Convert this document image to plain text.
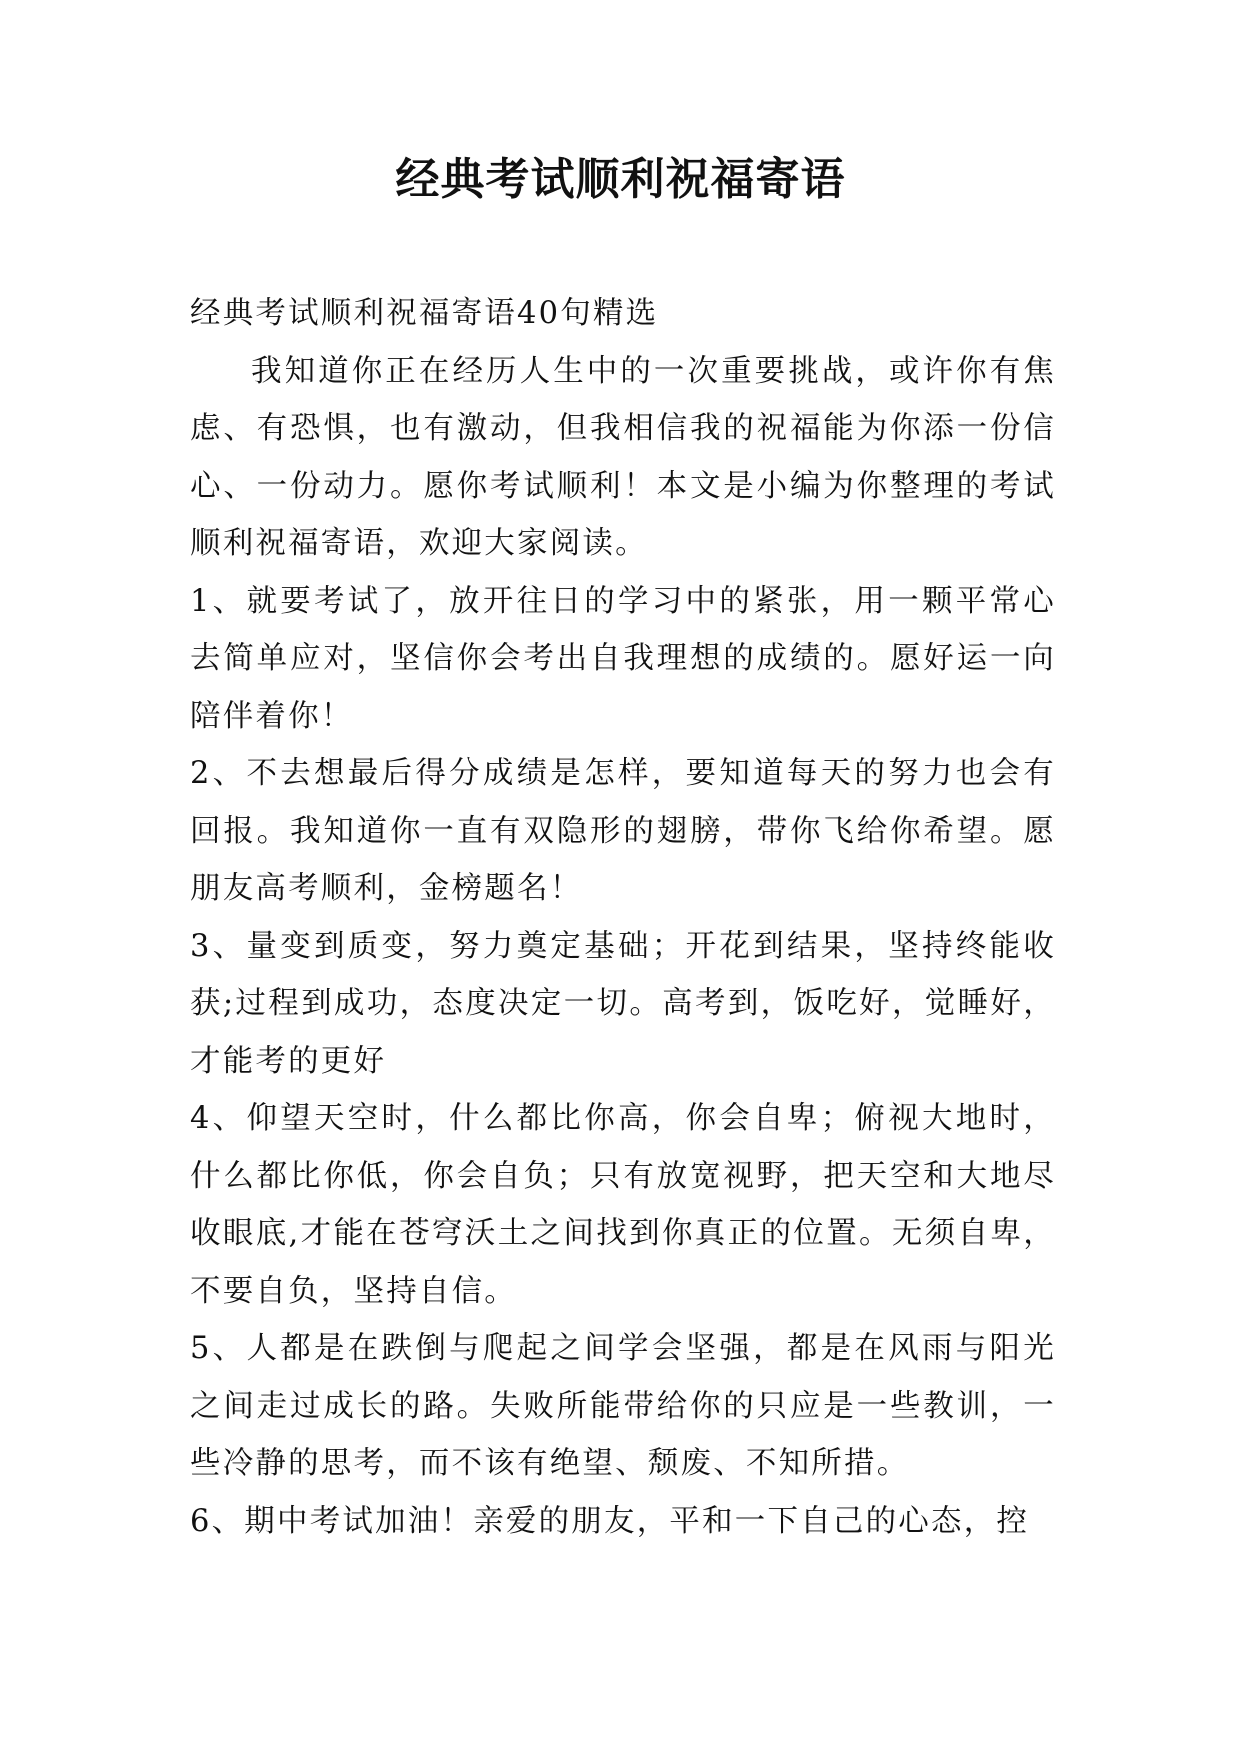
经典考试顺利祝福寄语

经典考试顺利祝福寄语40句精选

我知道你正在经历人生中的一次重要挑战，或许你有焦虑、有恐惧，也有激动，但我相信我的祝福能为你添一份信心、一份动力。愿你考试顺利！本文是小编为你整理的考试顺利祝福寄语，欢迎大家阅读。

1、就要考试了，放开往日的学习中的紧张，用一颗平常心去简单应对，坚信你会考出自我理想的成绩的。愿好运一向陪伴着你！

2、不去想最后得分成绩是怎样，要知道每天的努力也会有回报。我知道你一直有双隐形的翅膀，带你飞给你希望。愿朋友高考顺利，金榜题名！

3、量变到质变，努力奠定基础；开花到结果，坚持终能收获;过程到成功，态度决定一切。高考到，饭吃好，觉睡好，才能考的更好

4、仰望天空时，什么都比你高，你会自卑；俯视大地时，什么都比你低，你会自负；只有放宽视野，把天空和大地尽收眼底,才能在苍穹沃土之间找到你真正的位置。无须自卑，不要自负，坚持自信。

5、人都是在跌倒与爬起之间学会坚强，都是在风雨与阳光之间走过成长的路。失败所能带给你的只应是一些教训，一些冷静的思考，而不该有绝望、颓废、不知所措。

6、期中考试加油！亲爱的朋友，平和一下自己的心态，控
